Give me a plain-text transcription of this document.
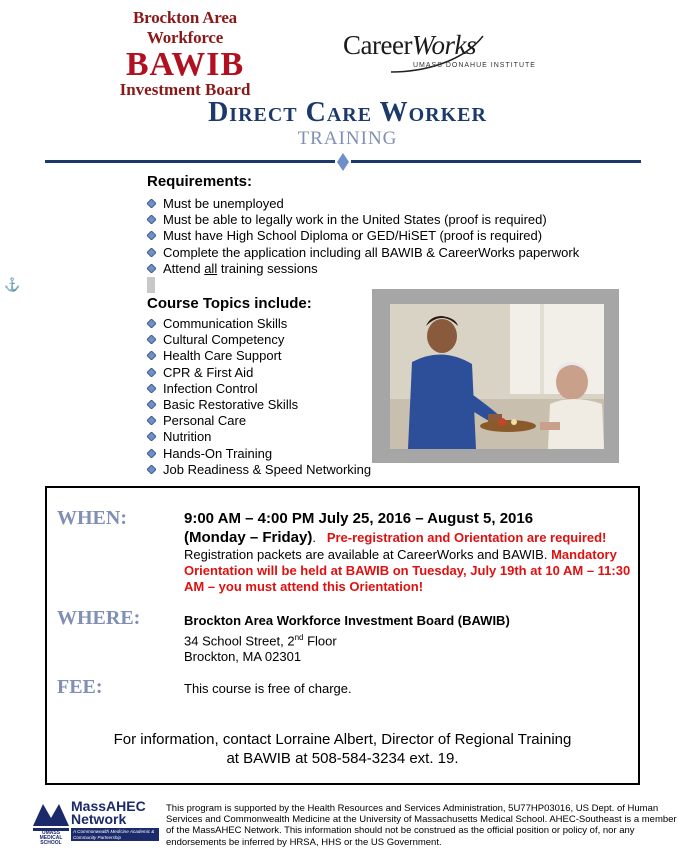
Brockton Area Workforce
BAWIB
Investment Board
CareerWorks
UMASS DONAHUE INSTITUTE
Direct Care Worker
TRAINING
⚓
Requirements:
Must be unemployed
Must be able to legally work in the United States (proof is required)
Must have High School Diploma or GED/HiSET (proof is required)
Complete the application including all BAWIB & CareerWorks paperwork
Attend all training sessions
Course Topics include:
Communication Skills
Cultural Competency
Health Care Support
CPR & First Aid
Infection Control
Basic Restorative Skills
Personal Care
Nutrition
Hands-On Training
Job Readiness & Speed Networking
WHEN:	9:00 AM – 4:00 PM July 25, 2016 – August 5, 2016
(Monday – Friday). Pre-registration and Orientation are required!  Registration packets are available at CareerWorks and BAWIB. Mandatory Orientation will be held at BAWIB on Tuesday, July 19th at 10 AM – 11:30 AM – you must attend this Orientation!
WHERE:	Brockton Area Workforce Investment Board (BAWIB)
34 School Street, 2nd Floor
Brockton, MA 02301
FEE:	This course is free of charge.
For information, contact Lorraine Albert, Director of Regional Training
at BAWIB at 508-584-3234 ext. 19.
UMASS MEDICAL SCHOOL
MassAHEC
Network
A Commonwealth Medicine Academic & Community Partnership
This program is supported by the Health Resources and Services Administration, 5U77HP03016, US Dept. of Human Services and Commonwealth Medicine at the University of Massachusetts Medical School. AHEC-Southeast is a member of the MassAHEC Network. This information should not be construed as the official position or policy of, nor any endorsements be inferred by HRSA, HHS or the US Government.
